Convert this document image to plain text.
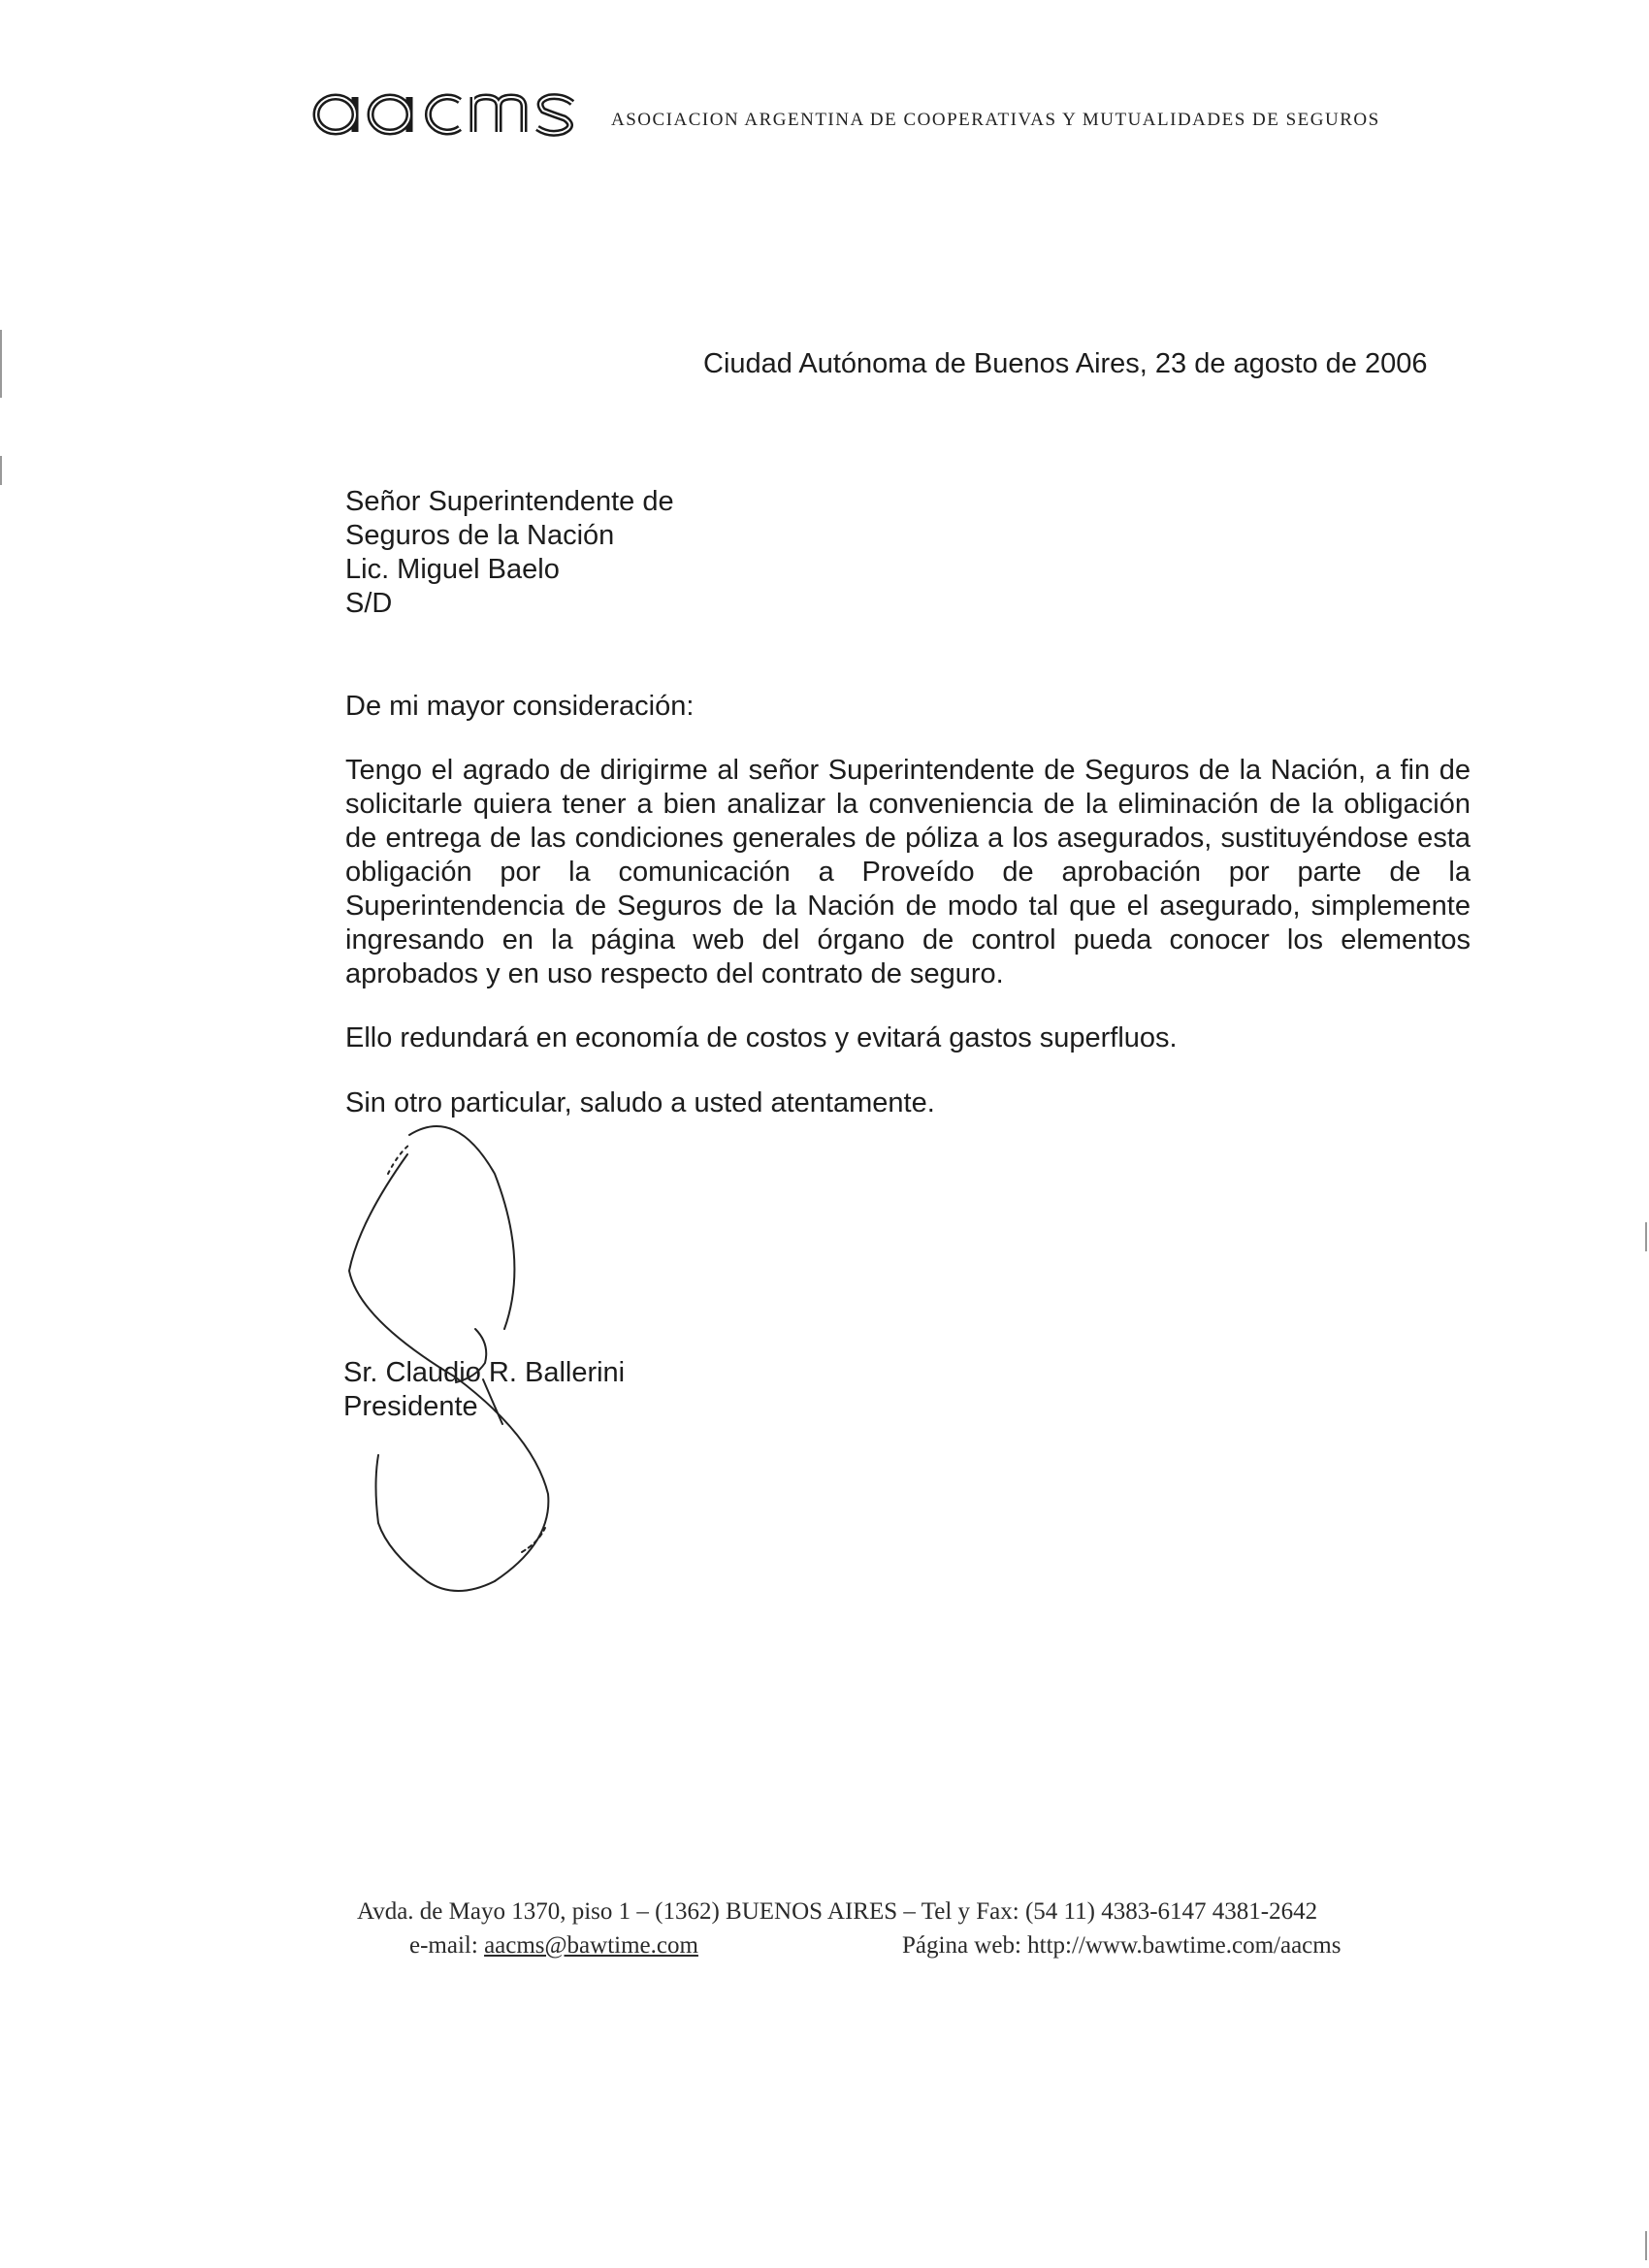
ASOCIACION ARGENTINA DE COOPERATIVAS Y MUTUALIDADES DE SEGUROS
Ciudad Autónoma de Buenos Aires, 23 de agosto de 2006
Señor Superintendente de
Seguros de la Nación
Lic. Miguel Baelo
S/D
De mi mayor consideración:
Tengo el agrado de dirigirme al señor Superintendente de Seguros de la Nación, a fin de solicitarle quiera tener a bien analizar la conveniencia de la eliminación de la obligación de entrega de las condiciones generales de póliza a los asegurados, sustituyéndose esta obligación por la comunicación a Proveído de aprobación por parte de la Superintendencia de Seguros de la Nación de modo tal que el asegurado, simplemente ingresando en la página web del órgano de control pueda conocer los elementos aprobados y en uso respecto del contrato de seguro.
Ello redundará en economía de costos y evitará gastos superfluos.
Sin otro particular, saludo a usted atentamente.
Sr. Claudio R. Ballerini
Presidente
Avda. de Mayo 1370, piso 1 – (1362) BUENOS AIRES – Tel y Fax: (54 11) 4383-6147 4381-2642
e-mail: aacms@bawtime.com	Página web: http://www.bawtime.com/aacms
